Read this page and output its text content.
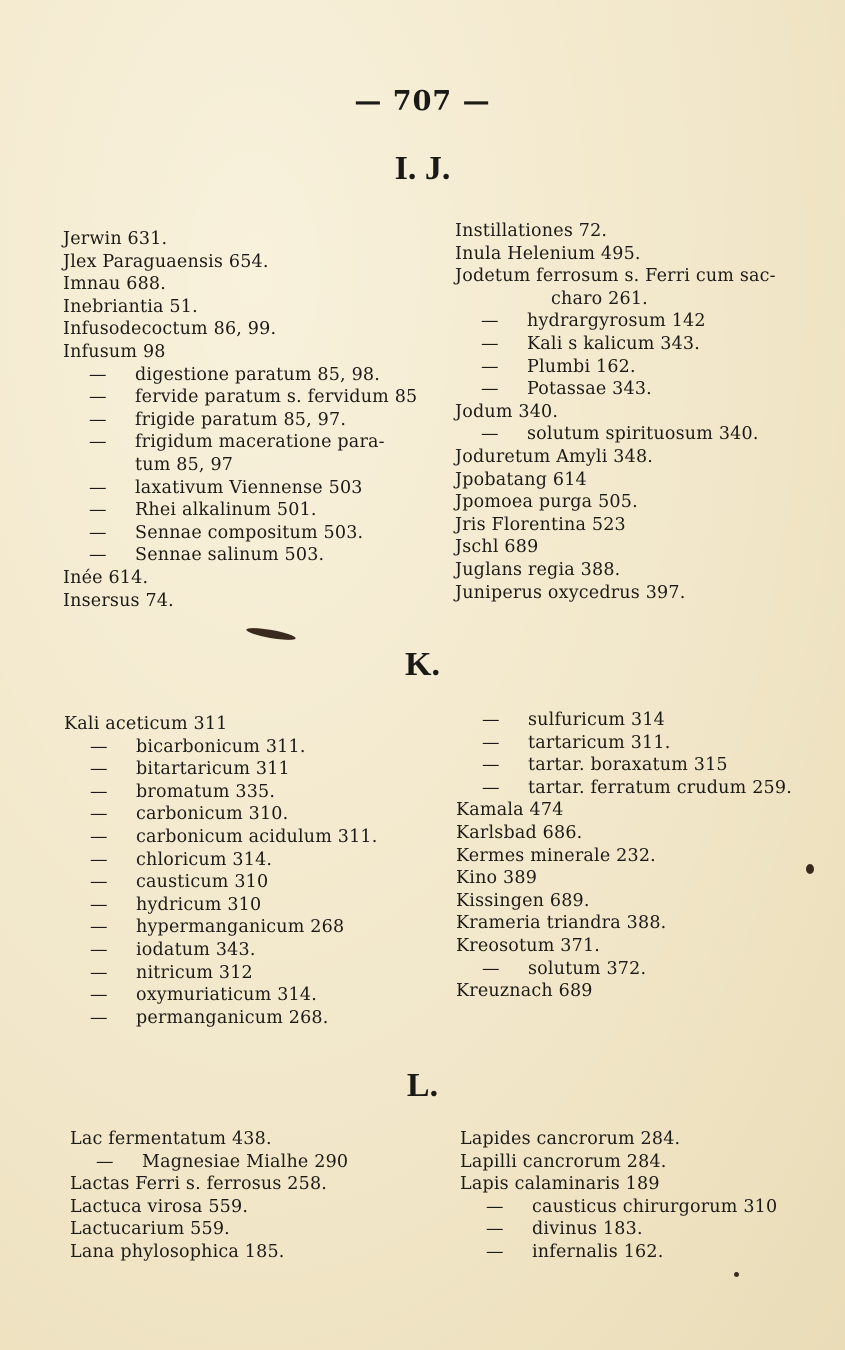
— 707 —
I. J.
Jerwin 631.
Jlex Paraguaensis 654.
Imnau 688.
Inebriantia 51.
Infusodecoctum 86, 99.
Infusum 98
— digestione paratum 85, 98.
— fervide paratum s. fervidum 85
— frigide paratum 85, 97.
— frigidum maceratione para-
tum 85, 97
— laxativum Viennense 503
— Rhei alkalinum 501.
— Sennae compositum 503.
— Sennae salinum 503.
Inée 614.
Insersus 74.
Instillationes 72.
Inula Helenium 495.
Jodetum ferrosum s. Ferri cum sac-
charo 261.
— hydrargyrosum 142
— Kali s kalicum 343.
— Plumbi 162.
— Potassae 343.
Jodum 340.
— solutum spirituosum 340.
Joduretum Amyli 348.
Jpobatang 614
Jpomoea purga 505.
Jris Florentina 523
Jschl 689
Juglans regia 388.
Juniperus oxycedrus 397.
K.
Kali aceticum 311
— bicarbonicum 311.
— bitartaricum 311
— bromatum 335.
— carbonicum 310.
— carbonicum acidulum 311.
— chloricum 314.
— causticum 310
— hydricum 310
— hypermanganicum 268
— iodatum 343.
— nitricum 312
— oxymuriaticum 314.
— permanganicum 268.
— sulfuricum 314
— tartaricum 311.
— tartar. boraxatum 315
— tartar. ferratum crudum 259.
Kamala 474
Karlsbad 686.
Kermes minerale 232.
Kino 389
Kissingen 689.
Krameria triandra 388.
Kreosotum 371.
— solutum 372.
Kreuznach 689
L.
Lac fermentatum 438.
— Magnesiae Mialhe 290
Lactas Ferri s. ferrosus 258.
Lactuca virosa 559.
Lactucarium 559.
Lana phylosophica 185.
Lapides cancrorum 284.
Lapilli cancrorum 284.
Lapis calaminaris 189
— causticus chirurgorum 310
— divinus 183.
— infernalis 162.
